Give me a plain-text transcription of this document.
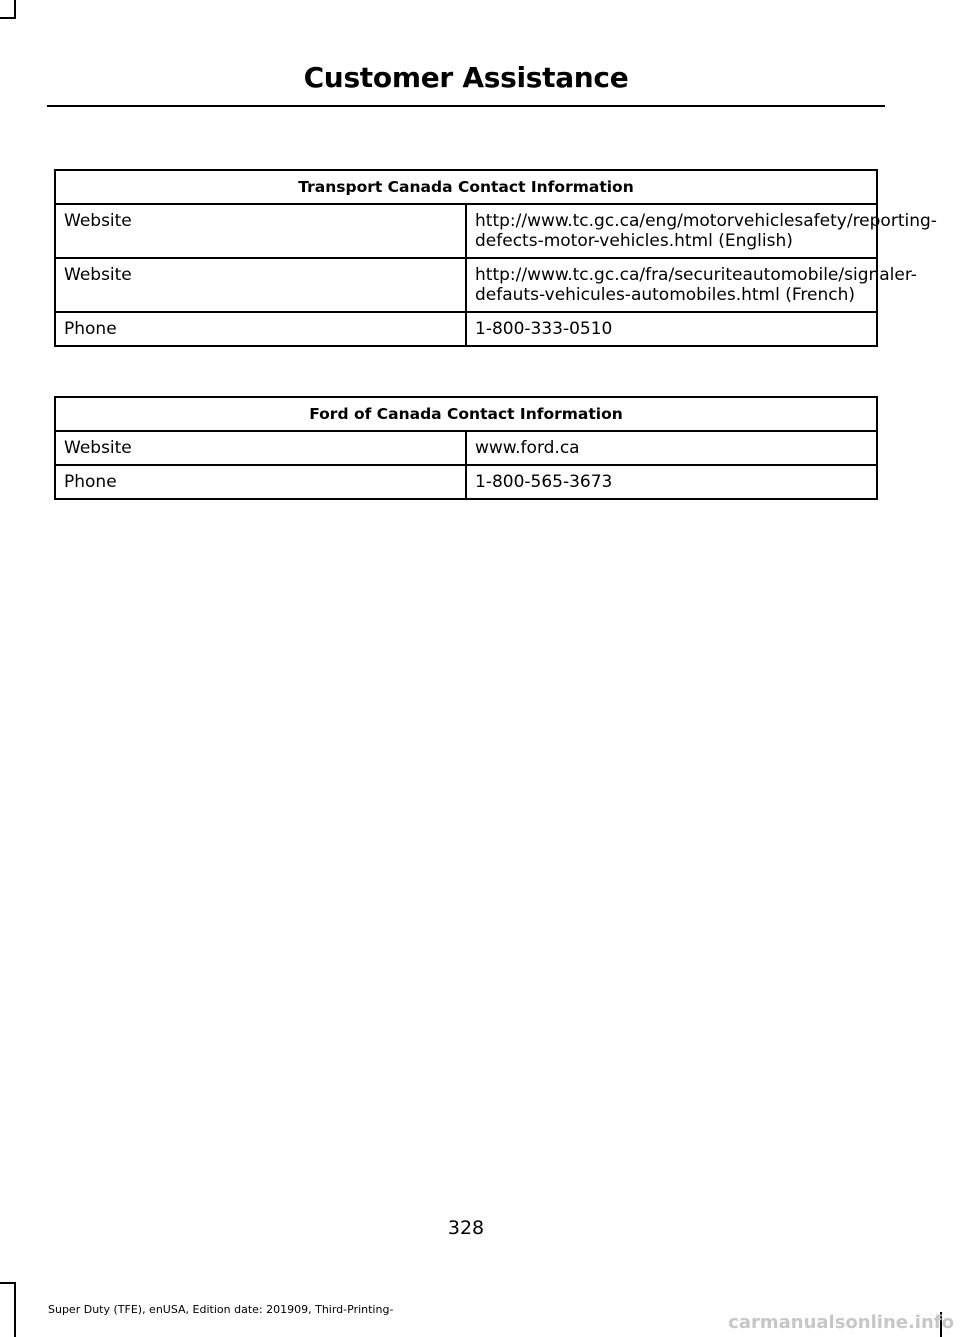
Customer Assistance
Transport Canada Contact Information	
Website	http://www.tc.gc.ca/eng/motorvehiclesafety/reporting-defects-motor-vehicles.html (English)
Website	http://www.tc.gc.ca/fra/securiteautomobile/signaler-defauts-vehicules-automobiles.html (French)
Phone	1-800-333-0510
Ford of Canada Contact Information	
Website	www.ford.ca
Phone	1-800-565-3673
328
Super Duty (TFE), enUSA, Edition date: 201909, Third-Printing-
carmanualsonline.info
